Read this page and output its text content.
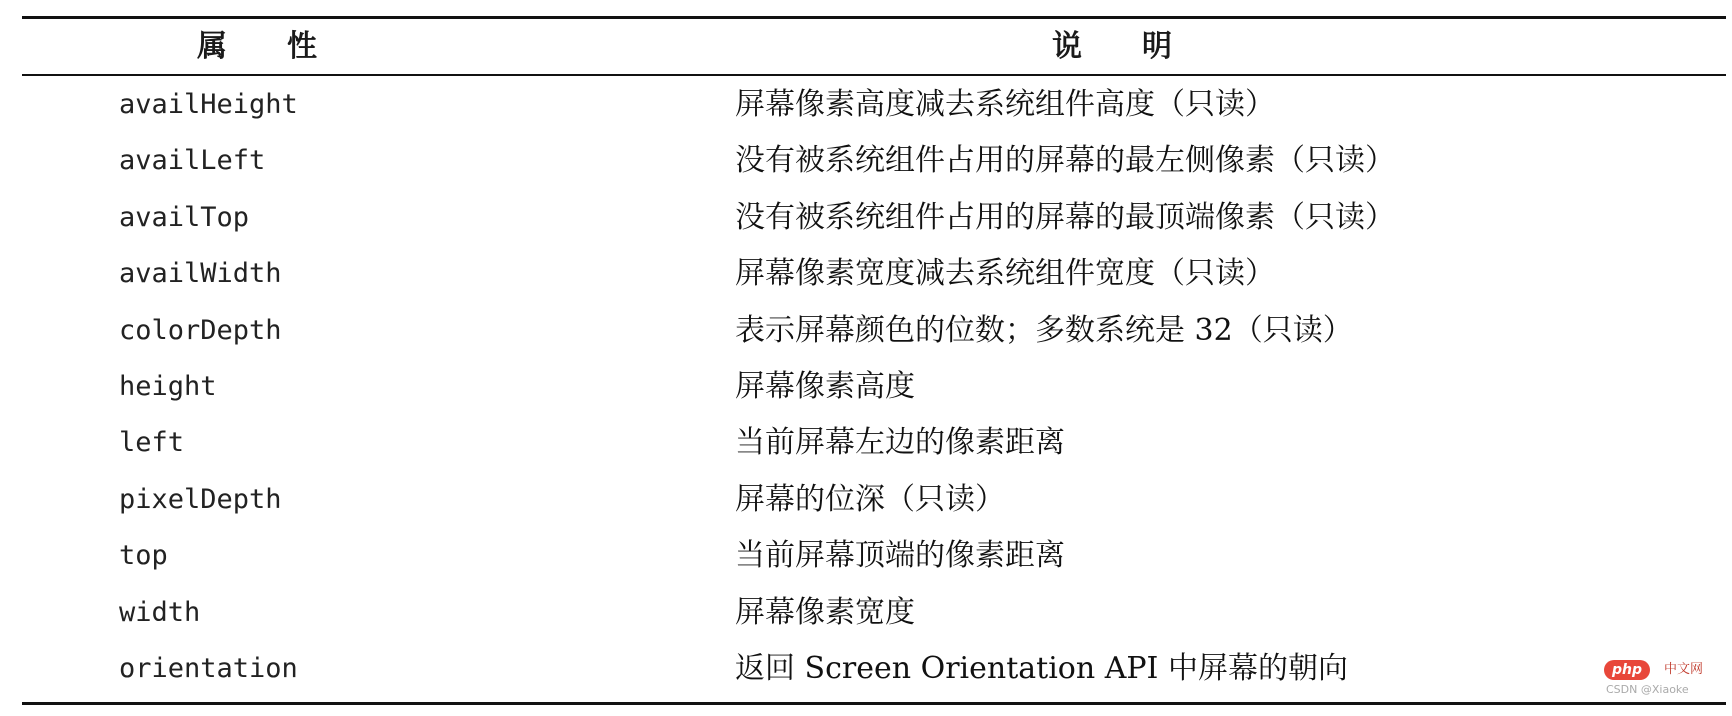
属　　性	说　　明
availHeight	屏幕像素高度减去系统组件高度（只读）
availLeft	没有被系统组件占用的屏幕的最左侧像素（只读）
availTop	没有被系统组件占用的屏幕的最顶端像素（只读）
availWidth	屏幕像素宽度减去系统组件宽度（只读）
colorDepth	表示屏幕颜色的位数；多数系统是 32（只读）
height	屏幕像素高度
left	当前屏幕左边的像素距离
pixelDepth	屏幕的位深（只读）
top	当前屏幕顶端的像素距离
width	屏幕像素宽度
orientation	返回 Screen Orientation API 中屏幕的朝向	php	中文网
CSDN @Xiaoke
